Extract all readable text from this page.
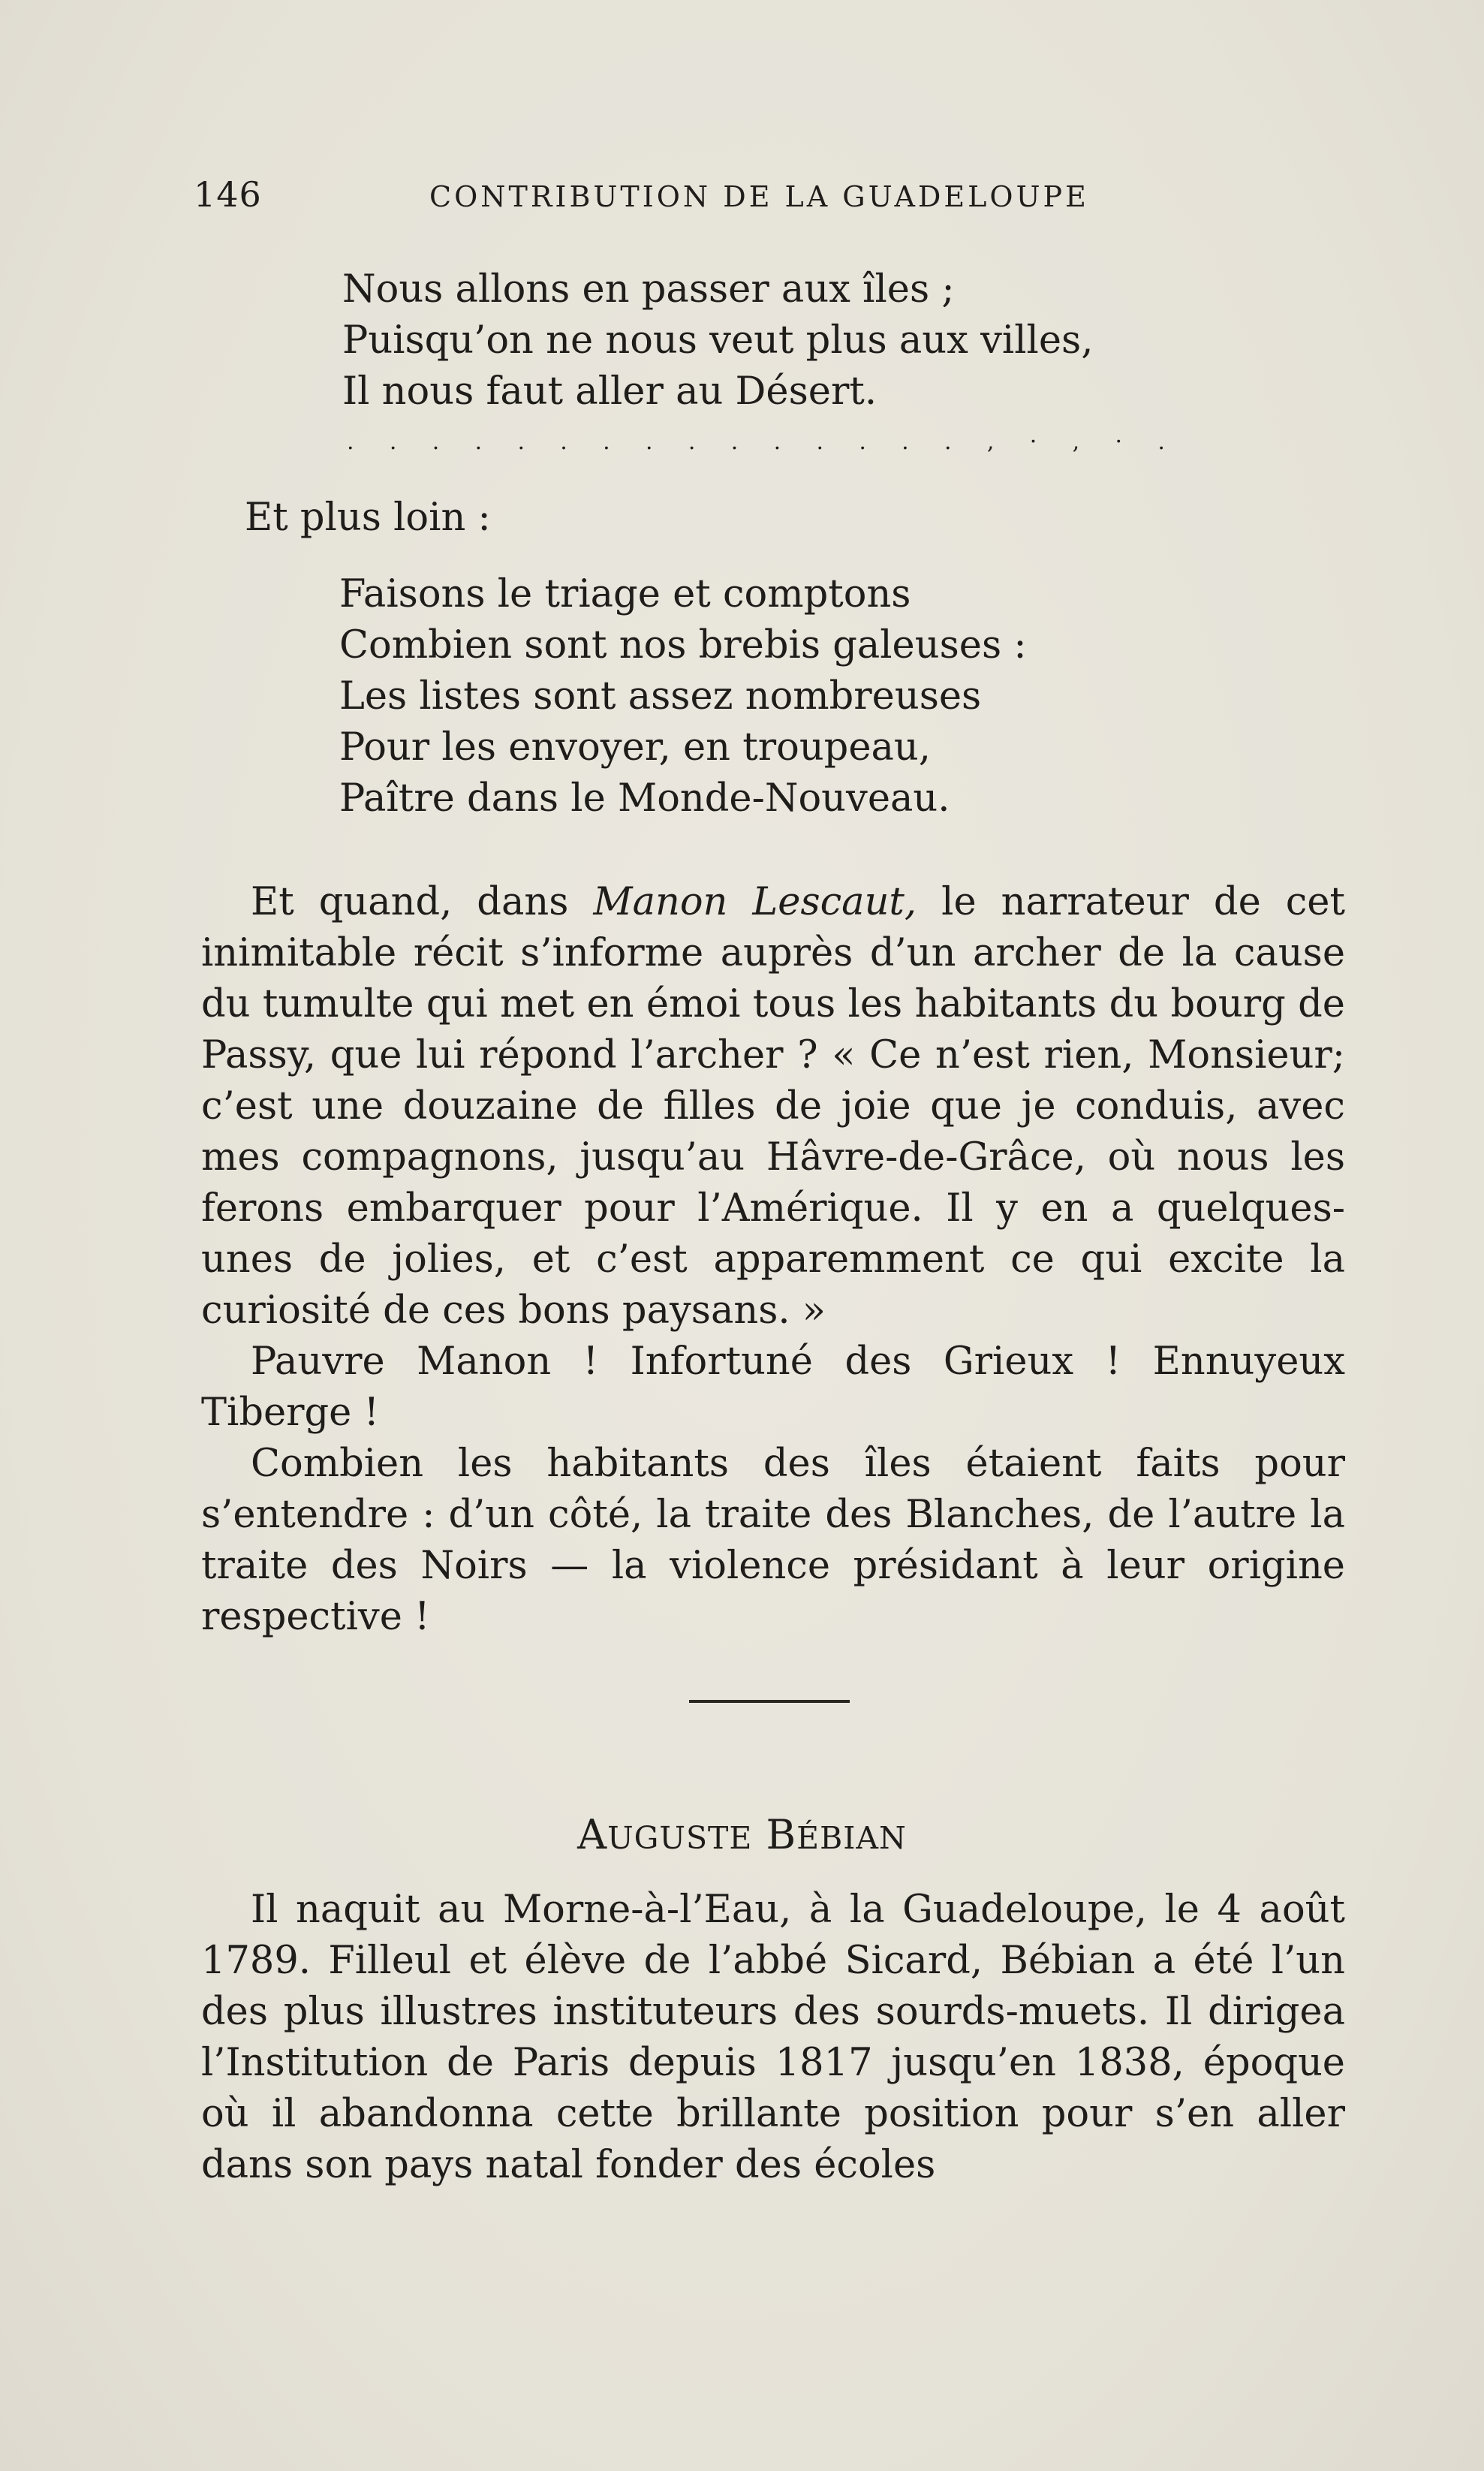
146	CONTRIBUTION DE LA GUADELOUPE
Nous allons en passer aux îles ;
Puisqu’on ne nous veut plus aux villes,
Il nous faut aller au Désert.
. . . . . . . . . . . . . . . , · , · .
Et plus loin :
Faisons le triage et comptons
Combien sont nos brebis galeuses :
Les listes sont assez nombreuses
Pour les envoyer, en troupeau,
Paître dans le Monde-Nouveau.

Et quand, dans Manon Lescaut, le narrateur de cet inimitable récit s’informe auprès d’un archer de la cause du tumulte qui met en émoi tous les habitants du bourg de Passy, que lui répond l’archer ? « Ce n’est rien, Monsieur; c’est une douzaine de filles de joie que je conduis, avec mes compagnons, jusqu’au Hâvre-de-Grâce, où nous les ferons embarquer pour l’Amérique. Il y en a quelques-unes de jolies, et c’est apparemment ce qui excite la curiosité de ces bons paysans. »

Pauvre Manon ! Infortuné des Grieux ! Ennuyeux Tiberge !

Combien les habitants des îles étaient faits pour s’entendre : d’un côté, la traite des Blanches, de l’autre la traite des Noirs — la violence présidant à leur origine respective !

AUGUSTE BÉBIAN

Il naquit au Morne-à-l’Eau, à la Guadeloupe, le 4 août 1789. Filleul et élève de l’abbé Sicard, Bébian a été l’un des plus illustres instituteurs des sourds-muets. Il dirigea l’Institution de Paris depuis 1817 jusqu’en 1838, époque où il abandonna cette brillante position pour s’en aller dans son pays natal fonder des écoles
